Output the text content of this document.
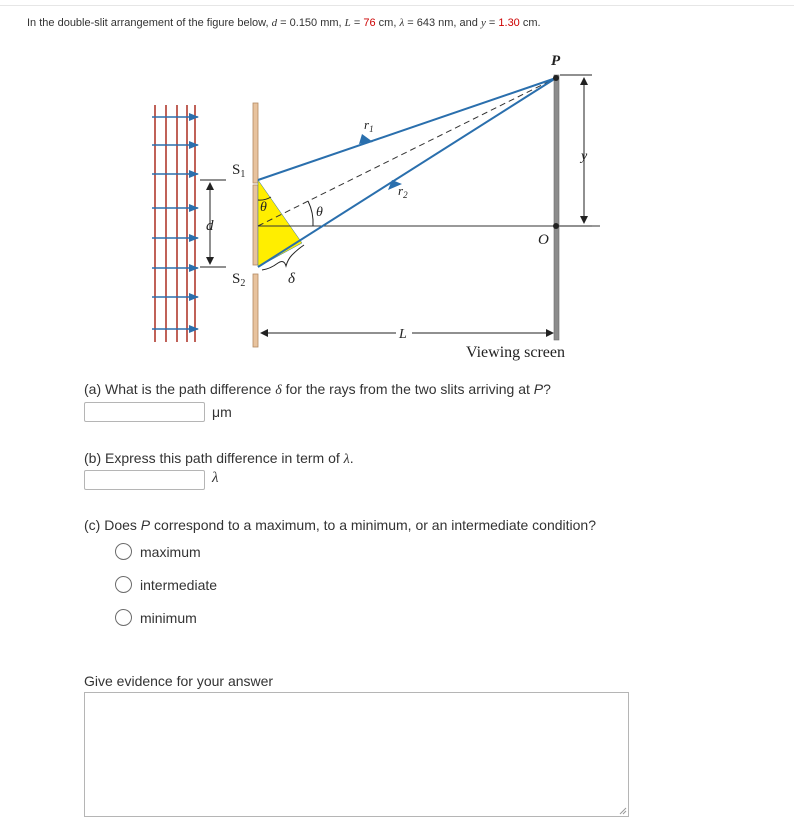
In the double-slit arrangement of the figure below, d = 0.150 mm, L = 76 cm, λ = 643 nm, and y = 1.30 cm.
d
$S_1$
$S_2$
$r_1$
$r_2$
θ	θ
δ
P
O
y
L
Viewing screen
(a) What is the path difference δ for the rays from the two slits arriving at P?
μm
(b) Express this path difference in term of λ.
λ
(c) Does P correspond to a maximum, to a minimum, or an intermediate condition?
maximum
intermediate
minimum
Give evidence for your answer
